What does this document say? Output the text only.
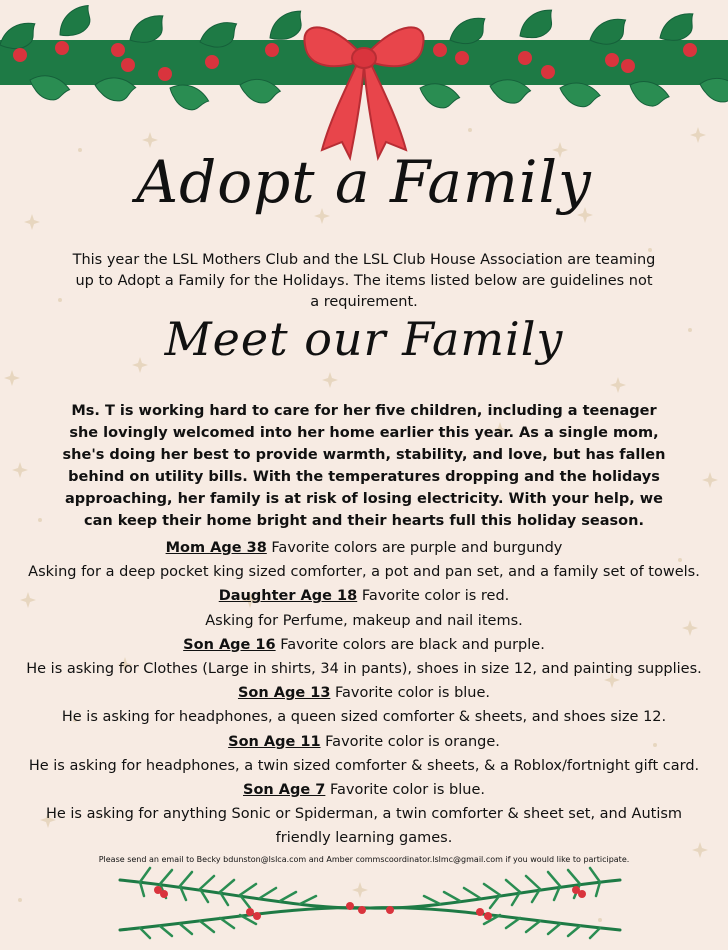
Adopt a Family
This year the LSL Mothers Club and the LSL Club House Association are teaming up to Adopt a Family for the Holidays. The items listed below are guidelines not a requirement.
Meet our Family
Ms. T is working hard to care for her five children, including a teenager she lovingly welcomed into her home earlier this year. As a single mom, she's doing her best to provide warmth, stability, and love, but has fallen behind on utility bills. With the temperatures dropping and the holidays approaching, her family is at risk of losing electricity. With your help, we can keep their home bright and their hearts full this holiday season.

Mom Age 38 Favorite colors are purple and burgundy

Asking for a deep pocket king sized comforter, a pot and pan set, and a family set of towels.

Daughter Age 18 Favorite color is red.

Asking for Perfume, makeup and nail items.

Son Age 16 Favorite colors are black and purple.

He is asking for Clothes (Large in shirts, 34 in pants), shoes in size 12, and painting supplies.

Son Age 13 Favorite color is blue.

He is asking for headphones, a queen sized comforter & sheets, and shoes size 12.

Son Age 11 Favorite color is orange.

He is asking for headphones, a twin sized comforter & sheets, & a Roblox/fortnight gift card.

Son Age 7 Favorite color is blue.

He is asking for anything Sonic or Spiderman, a twin comforter & sheet set, and Autism friendly learning games.

Please send an email to Becky bdunston@lslca.com and Amber commscoordinator.lslmc@gmail.com if you would like to participate.
